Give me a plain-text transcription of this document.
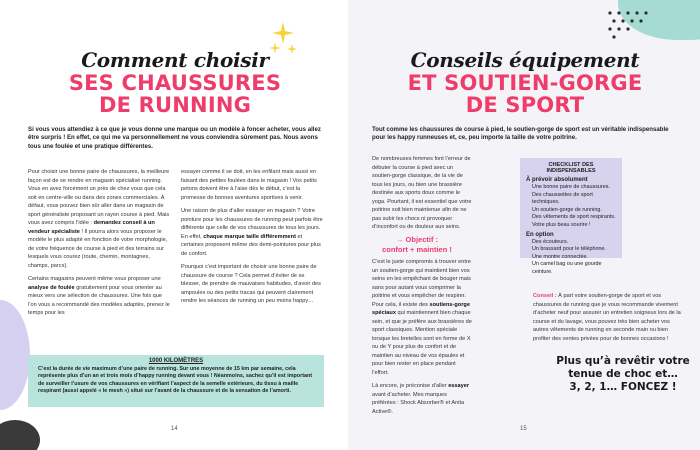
Comment choisir
SES CHAUSSURES
DE RUNNING
Si vous vous attendiez à ce que je vous donne une marque ou un modèle à foncer acheter, vous allez être surpris ! En effet, ce qui me va personnellement ne vous conviendra sûrement pas. Nous avons tous une foulée et une pratique différentes.

Pour choisir une bonne paire de chaussures, la meilleure façon est de se rendre en magasin spécialisé running. Vous en avez forcément un près de chez vous que cela soit en centre-ville ou dans des zones commerciales. À défaut, vous pouvez bien sûr aller dans un magasin de sport généraliste proposant un rayon course à pied. Mais vous avez compris l’idée : demandez conseil à un vendeur spécialiste ! Il pourra alors vous proposer le modèle le plus adapté en fonction de votre morphologie, de votre fréquence de course à pied et des terrains sur lesquels vous courez (route, chemin, montagnes, champs, parcs).

Certains magasins peuvent même vous proposer une analyse de foulée gratuitement pour vous orienter au mieux vers une sélection de chaussures. Une fois que l’on vous a recommandé des modèles adaptés, prenez le temps pour les

essayer comme il se doit, en les enfilant mais aussi en faisant des petites foulées dans le magasin ! Vos petits petons doivent être à l’aise dès le début, c’est la promesse de bonnes aventures sportives à venir.

Une raison de plus d’aller essayer en magasin ? Votre pointure pour les chaussures de running peut parfois être différente que celle de vos chaussures de tous les jours. En effet, chaque marque taille différemment et certaines proposent même des demi-pointures pour plus de confort.

Pourquoi c’est important de choisir une bonne paire de chaussure de course ? Cela permet d’éviter de se blesser, de prendre de mauvaises habitudes, d’avoir des ampoules ou des petits tracas qui peuvent clairement rendre les séances de running un peu moins happy…

1000 KILOMÈTRES
C’est la durée de vie maximum d’une paire de running. Sur une moyenne de 15 km par semaine, cela représente plus d’un an et trois mois d’happy running devant vous ! Néanmoins, sachez qu’il est important de surveiller l’usure de vos chaussures en vérifiant l’aspect de la semelle extérieure, du tissu à maille respirant (aussi appelé « le mesh ») situé sur l’avant de la chaussure et de la sensation de l’amorti.
14
Conseils équipement
ET SOUTIEN-GORGE
DE SPORT
Tout comme les chaussures de course à pied, le soutien-gorge de sport est un véritable indispensable pour les happy runneuses et, ce, peu importe la taille de votre poitrine.

De nombreuses femmes font l’erreur de débuter la course à pied avec un soutien-gorge classique, de la vie de tous les jours, ou bien une brassière destinée aux sports doux comme le yoga. Pourtant, il est essentiel que votre poitrine soit bien maintenue afin de ne pas subir les chocs ni provoquer d’inconfort ou de douleur aux seins.

→ Objectif :
confort + maintien !

C’est le juste compromis à trouver entre un soutien-gorge qui maintient bien vos seins en les empêchant de bouger mais sans pour autant vous comprimer la poitrine et vous empêcher de respirer. Pour cela, il existe des soutiens-gorge spéciaux qui maintiennent bien chaque sein, et que je préfère aux brassières de sport classiques. Mention spéciale lorsque les bretelles sont en forme de X ou de Y pour plus de confort et de maintien au niveau de vos épaules et pour bien rester en place pendant l’effort.

Là encore, je préconise d’aller essayer avant d’acheter. Mes marques préférées : Shock Absorber® et Anita Active®.

CHECKLIST DES INDISPENSABLES
À prévoir absolument
Une bonne paire de chaussures.
Des chaussettes de sport techniques.
Un soutien-gorge de running.
Des vêtements de sport respirants.
Votre plus beau sourire !
En option
Des écouteurs.
Un brassard pour le téléphone.
Une montre connectée.
Un camel bag ou une gourde ceinture.

Conseil : À part votre soutien-gorge de sport et vos chaussures de running que je vous recommande vivement d’acheter neuf pour assurer un entretien soigneux lors de la course et du lavage, vous pouvez très bien acheter vos autres vêtements de running en seconde main ou bien profiter des ventes privées pour de bonnes occasions !

Plus qu’à revêtir votre
tenue de choc et…
3, 2, 1… FONCEZ !
15
